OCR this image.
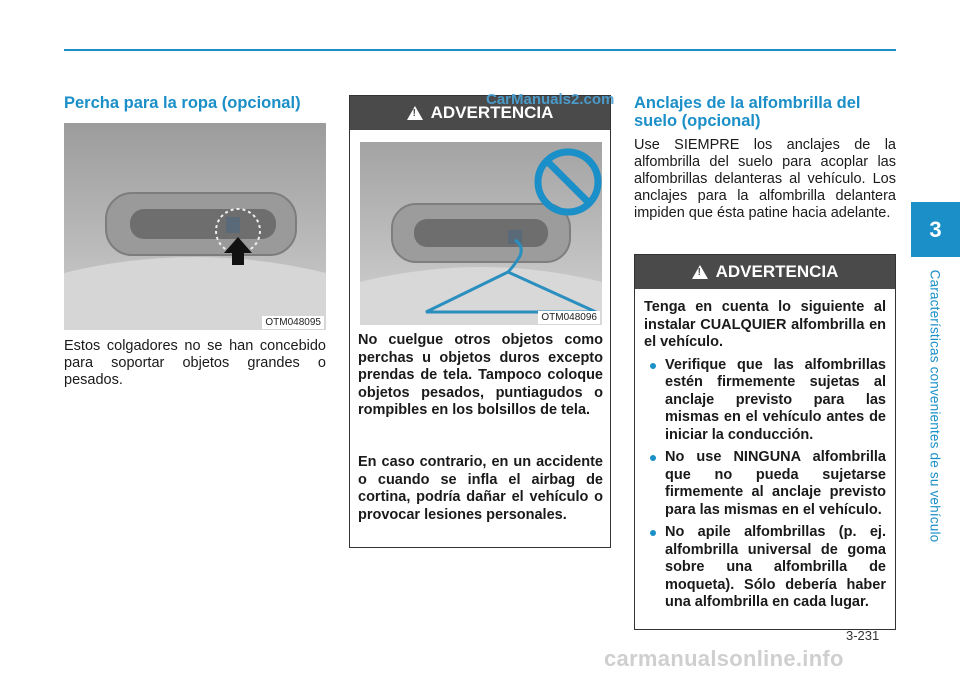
3
Características convenientes de su vehículo
Percha para la ropa (opcional)
OTM048095
Estos colgadores no se han concebido para soportar objetos grandes o pesados.
!
ADVERTENCIA
OTM048096
No cuelgue otros objetos como perchas u objetos duros excepto prendas de tela. Tampoco coloque objetos pesados, puntiagudos o rompibles en los bolsillos de tela.
En caso contrario, en un accidente o cuando se infla el airbag de cortina, podría dañar el vehículo o provocar lesiones personales.
Anclajes de la alfombrilla del suelo (opcional)
Use SIEMPRE los anclajes de la alfombrilla del suelo para acoplar las alfombrillas delanteras al vehículo. Los anclajes para la alfombrilla delantera impiden que ésta patine hacia adelante.
!
ADVERTENCIA
Tenga en cuenta lo siguiente al instalar CUALQUIER alfombrilla en el vehículo.
Verifique que las alfombrillas estén firmemente sujetas al anclaje previsto para las mismas en el vehículo antes de iniciar la conducción.
No use NINGUNA alfombrilla que no pueda sujetarse firmemente al anclaje previsto para las mismas en el vehículo.
No apile alfombrillas (p. ej. alfombrilla universal de goma sobre una alfombrilla de moqueta). Sólo debería haber una alfombrilla en cada lugar.
CarManuals2.com
3-231
carmanualsonline.info
